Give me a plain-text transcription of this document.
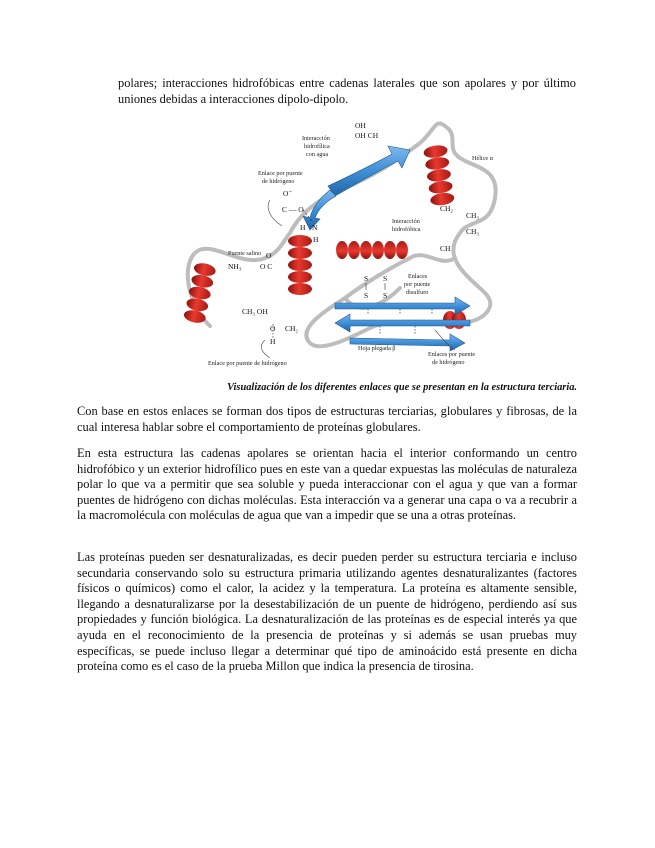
polares; interacciones hidrofóbicas entre cadenas laterales que son apolares y por último uniones debidas a interacciones dipolo-dipolo.

Interacción
hidrofílica
con agua
Enlace por puente
de hidrógeno
Hélice α
Interacción
hidrofóbica
Puente salino
Enlaces
por puente
disulfuro
Enlace por puente de hidrógeno
Hoja plegada β
Enlaces por puente
de hidrógeno
OH
OH CH
O⁻
C — O
H N
H
NH₃ O C
O
CH₂
CH₃
CH₃
CH
S S
S S
CH₃ OH
O
H
CH₂
Visualización de los diferentes enlaces que se presentan en la estructura terciaria.

Con base en estos enlaces se forman dos tipos de estructuras terciarias, globulares y fibrosas, de la cual interesa hablar sobre el comportamiento de proteínas globulares.

En esta estructura las cadenas apolares se orientan hacia el interior conformando un centro hidrofóbico y un exterior hidrofílico pues en este van a quedar expuestas las moléculas de naturaleza polar lo que va a permitir que sea soluble y pueda interaccionar con el agua y que van a formar puentes de hidrógeno con dichas moléculas. Esta interacción va a generar una capa o va a recubrir a la macromolécula con moléculas de agua que van a impedir que se una a otras proteínas.

Las proteínas pueden ser desnaturalizadas, es decir pueden perder su estructura terciaria e incluso secundaria conservando solo su estructura primaria utilizando agentes desnaturalizantes (factores físicos o químicos) como el calor, la acidez y la temperatura. La proteína es altamente sensible, llegando a desnaturalizarse por la desestabilización de un puente de hidrógeno, perdiendo así sus propiedades y función biológica. La desnaturalización de las proteínas es de especial interés ya que ayuda en el reconocimiento de la presencia de proteínas y si además se usan pruebas muy específicas, se puede incluso llegar a determinar qué tipo de aminoácido está presente en dicha proteína como es el caso de la prueba Millon que indica la presencia de tirosina.
